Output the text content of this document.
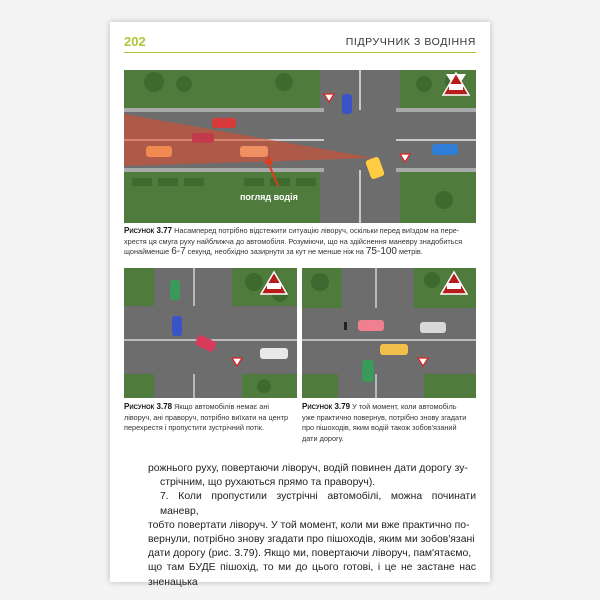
202	ПІДРУЧНИК З ВОДІННЯ
погляд водія
Рисунок 3.77 Насамперед потрібно відстежити ситуацію ліворуч, оскільки перед виїздом на пере-
хрестя ця смуга руху найближча до автомобіля. Розуміючи, що на здійснення маневру знадобиться
щонайменше 6-7 секунд, необхідно зазирнути за кут не менше ніж на 75-100 метрів.
Рисунок 3.78 Якщо автомобілів немає ані
ліворуч, ані праворуч, потрібно виїхати на центр
перехрестя і пропустити зустрічний потік.
Рисунок 3.79 У той момент, коли автомобіль
уже практично повернув, потрібно знову згадати
про пішоходів, яким водій також зобов'язаний
дати дорогу.

рожнього руху, повертаючи ліворуч, водій повинен дати дорогу зу-

стрічним, що рухаються прямо та праворуч).

7. Коли пропустили зустрічні автомобілі, можна починати маневр,

тобто повертати ліворуч. У той момент, коли ми вже практично по-

вернули, потрібно знову згадати про пішоходів, яким ми зобов'язані

дати дорогу (рис. 3.79). Якщо ми, повертаючи ліворуч, пам'ятаємо,

що там БУДЕ пішохід, то ми до цього готові, і це не застане нас зненацька
